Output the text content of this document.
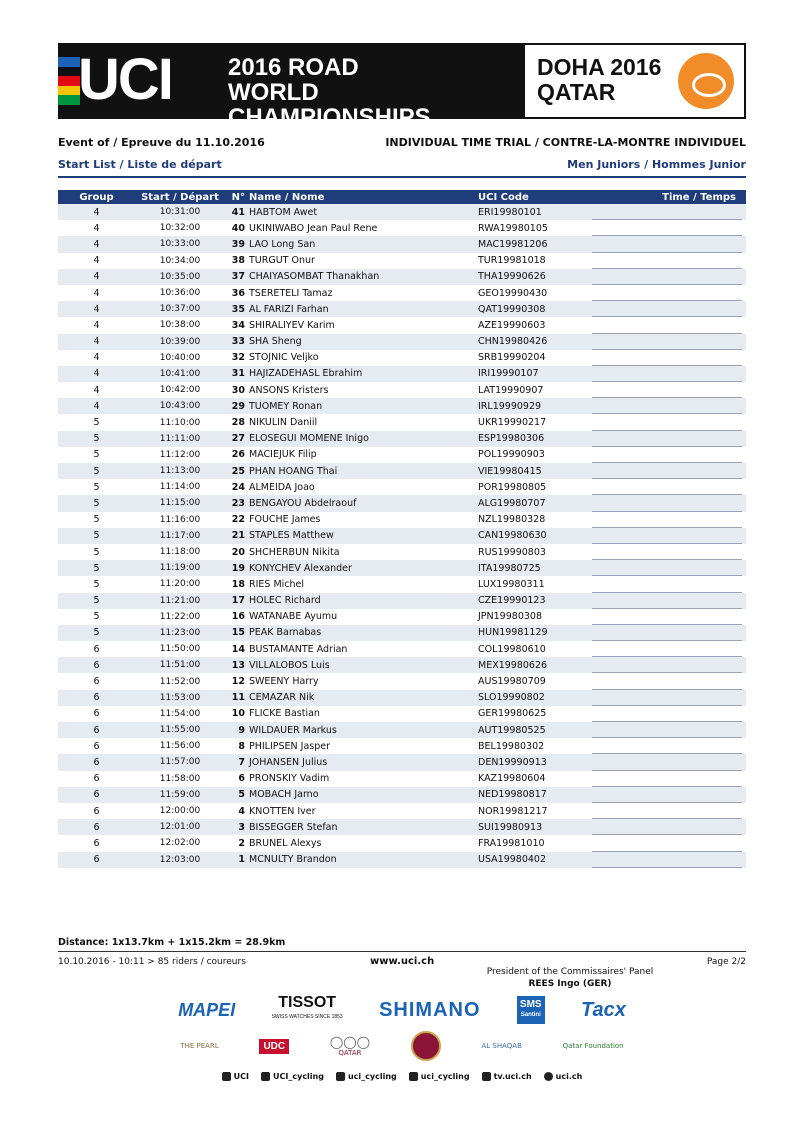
UCI 2016 ROAD
WORLD CHAMPIONSHIPS
DOHA 2016
QATAR
Event of / Epreuve du 11.10.2016	INDIVIDUAL TIME TRIAL / CONTRE-LA-MONTRE INDIVIDUEL
Start List / Liste de départ	Men Juniors / Hommes Junior
Group	Start / Départ	N° Name / Nome	UCI Code	Time / Temps
4	10:31:00	41 HABTOM Awet	ERI19980101
4	10:32:00	40 UKINIWABO Jean Paul Rene	RWA19980105
4	10:33:00	39 LAO Long San	MAC19981206
4	10:34:00	38 TURGUT Onur	TUR19981018
4	10:35:00	37 CHAIYASOMBAT Thanakhan	THA19990626
4	10:36:00	36 TSERETELI Tamaz	GEO19990430
4	10:37:00	35 AL FARIZI Farhan	QAT19990308
4	10:38:00	34 SHIRALIYEV Karim	AZE19990603
4	10:39:00	33 SHA Sheng	CHN19980426
4	10:40:00	32 STOJNIC Veljko	SRB19990204
4	10:41:00	31 HAJIZADEHASL Ebrahim	IRI19990107
4	10:42:00	30 ANSONS Kristers	LAT19990907
4	10:43:00	29 TUOMEY Ronan	IRL19990929
5	11:10:00	28 NIKULIN Daniil	UKR19990217
5	11:11:00	27 ELOSEGUI MOMENE Inigo	ESP19980306
5	11:12:00	26 MACIEJUK Filip	POL19990903
5	11:13:00	25 PHAN HOANG Thai	VIE19980415
5	11:14:00	24 ALMEIDA Joao	POR19980805
5	11:15:00	23 BENGAYOU Abdelraouf	ALG19980707
5	11:16:00	22 FOUCHE James	NZL19980328
5	11:17:00	21 STAPLES Matthew	CAN19980630
5	11:18:00	20 SHCHERBUN Nikita	RUS19990803
5	11:19:00	19 KONYCHEV Alexander	ITA19980725
5	11:20:00	18 RIES Michel	LUX19980311
5	11:21:00	17 HOLEC Richard	CZE19990123
5	11:22:00	16 WATANABE Ayumu	JPN19980308
5	11:23:00	15 PEAK Barnabas	HUN19981129
6	11:50:00	14 BUSTAMANTE Adrian	COL19980610
6	11:51:00	13 VILLALOBOS Luis	MEX19980626
6	11:52:00	12 SWEENY Harry	AUS19980709
6	11:53:00	11 CEMAZAR Nik	SLO19990802
6	11:54:00	10 FLICKE Bastian	GER19980625
6	11:55:00	9 WILDAUER Markus	AUT19980525
6	11:56:00	8 PHILIPSEN Jasper	BEL19980302
6	11:57:00	7 JOHANSEN Julius	DEN19990913
6	11:58:00	6 PRONSKIY Vadim	KAZ19980604
6	11:59:00	5 MOBACH Jarno	NED19980817
6	12:00:00	4 KNOTTEN Iver	NOR19981217
6	12:01:00	3 BISSEGGER Stefan	SUI19980913
6	12:02:00	2 BRUNEL Alexys	FRA19981010
6	12:03:00	1 MCNULTY Brandon	USA19980402
Distance: 1x13.7km + 1x15.2km = 28.9km
10.10.2016 - 10:11 > 85 riders / coureurs	www.uci.ch	Page 2/2
President of the Commissaires' Panel
REES Ingo (GER)
MAPEI	TISSOT
SWISS WATCHES SINCE 1853 SHIMANO	SMS
Santini Tacx
THE PEARL	UDC	◯◯◯
QATAR
AL SHAQAB	Qatar Foundation
UCI	UCI_cycling	uci_cycling	uci_cycling	tv.uci.ch	uci.ch
